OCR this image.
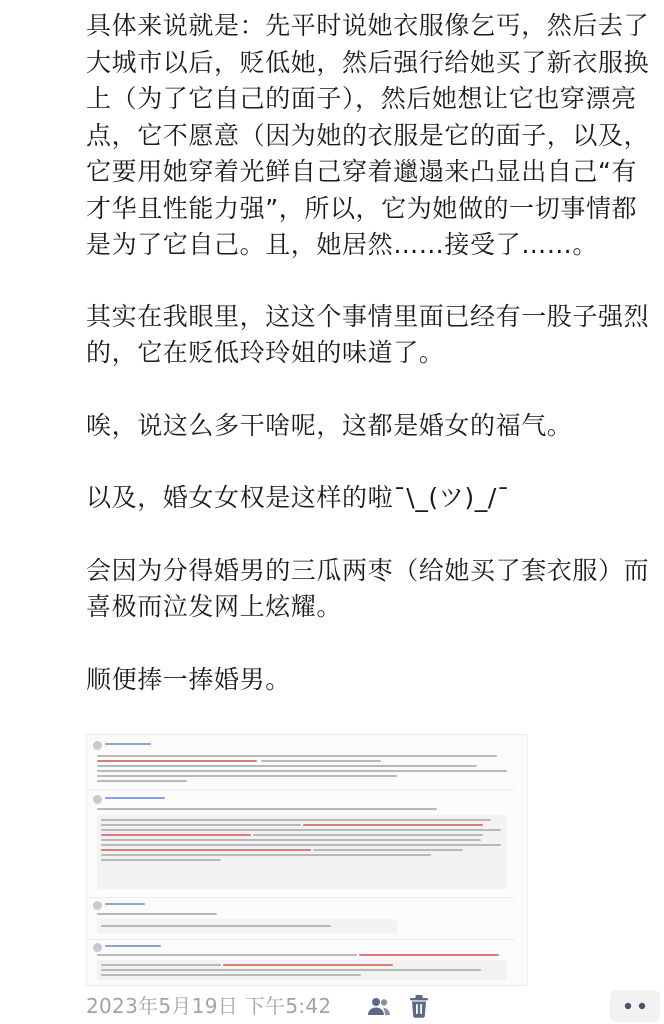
具体来说就是：先平时说她衣服像乞丐，然后去了大城市以后，贬低她，然后强行给她买了新衣服换上（为了它自己的面子），然后她想让它也穿漂亮点，它不愿意（因为她的衣服是它的面子，以及，它要用她穿着光鲜自己穿着邋遢来凸显出自己“有才华且性能力强”，所以，它为她做的一切事情都是为了它自己。且，她居然……接受了……。

其实在我眼里，这这个事情里面已经有一股子强烈的，它在贬低玲玲姐的味道了。

唉，说这么多干啥呢，这都是婚女的福气。

以及，婚女女权是这样的啦¯\_(ツ)_/¯

会因为分得婚男的三瓜两枣（给她买了套衣服）而喜极而泣发网上炫耀。

顺便捧一捧婚男。

2023年5月19日 下午5:42
